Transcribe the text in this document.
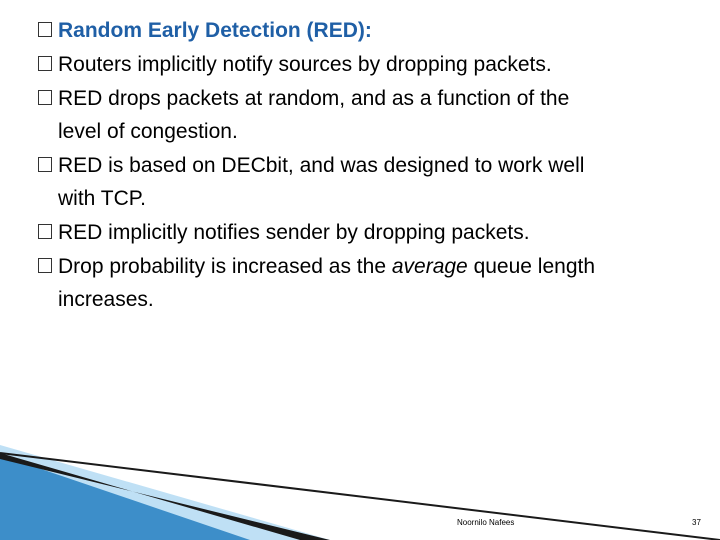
Random Early Detection (RED):
Routers implicitly notify sources by dropping packets.
RED drops packets at random, and as a function of the
level of congestion.
RED is based on DECbit, and was designed to work well
with TCP.
RED implicitly notifies sender by dropping packets.
Drop probability is increased as the average queue length
increases.
Noornilo Nafees	37
